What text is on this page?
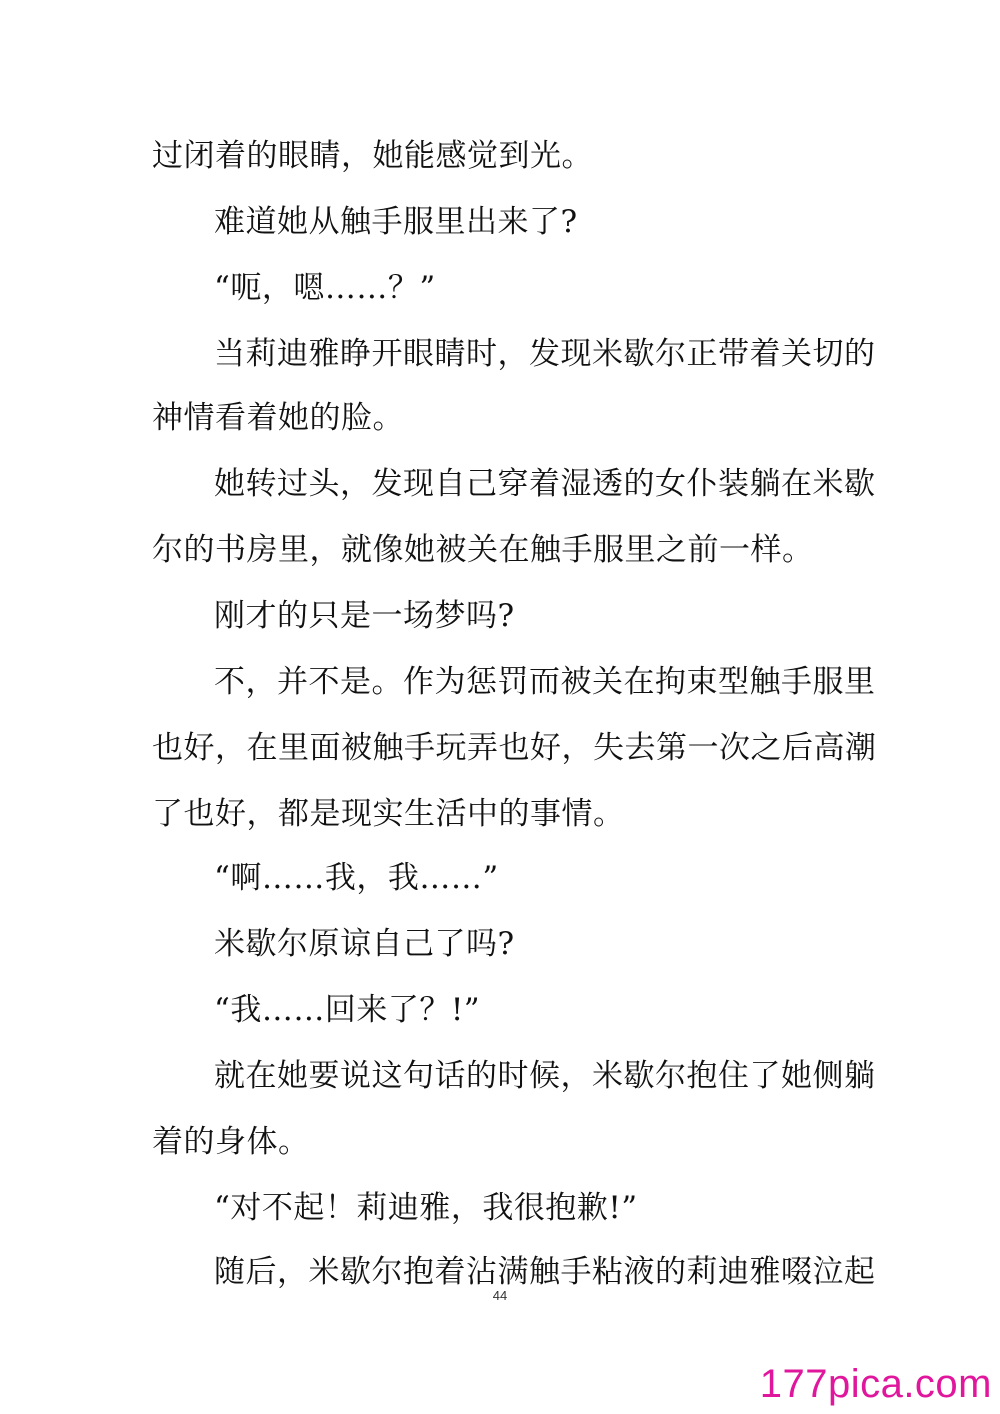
过闭着的眼睛，她能感觉到光。
难道她从触手服里出来了?
“呃，嗯……？”
当莉迪雅睁开眼睛时，发现米歇尔正带着关切的
神情看着她的脸。
她转过头，发现自己穿着湿透的女仆装躺在米歇
尔的书房里，就像她被关在触手服里之前一样。
刚才的只是一场梦吗?
不，并不是。作为惩罚而被关在拘束型触手服里
也好，在里面被触手玩弄也好，失去第一次之后高潮
了也好，都是现实生活中的事情。
“啊……我，我……”
米歇尔原谅自己了吗?
“我……回来了？!”
就在她要说这句话的时候，米歇尔抱住了她侧躺
着的身体。
“对不起！莉迪雅，我很抱歉!”
随后，米歇尔抱着沾满触手粘液的莉迪雅啜泣起
44
177pica.com
